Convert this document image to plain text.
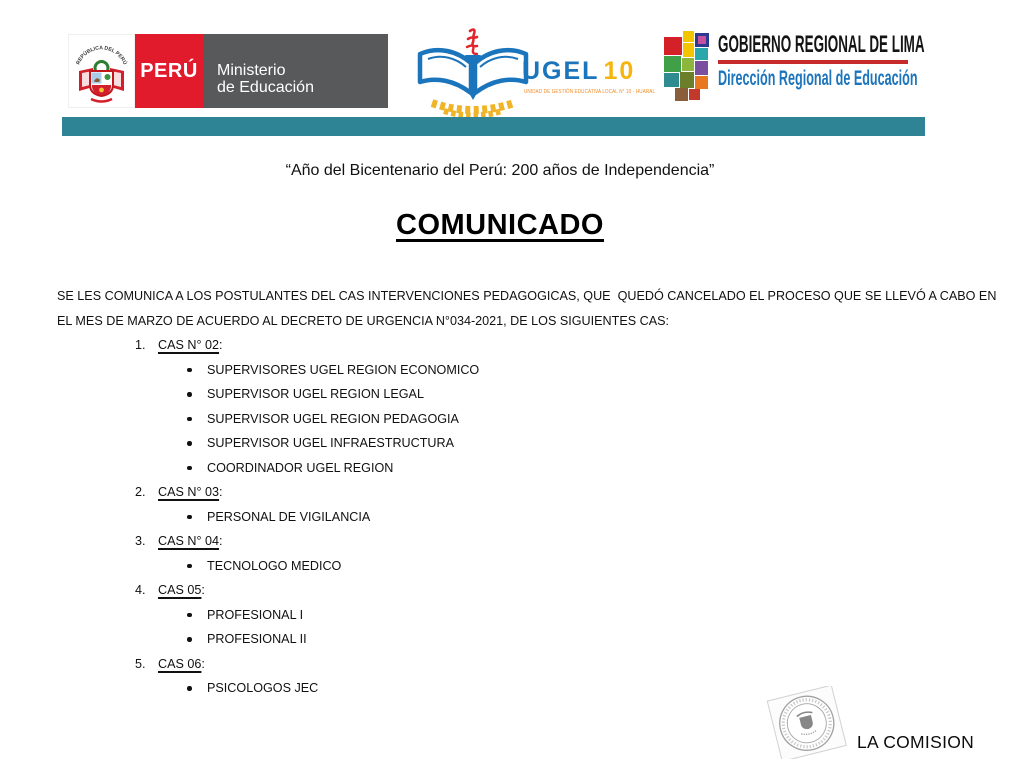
REPÚBLICA DEL PERÚ PERÚ	Ministerio
de Educación
UGEL 10
UNIDAD DE GESTIÓN EDUCATIVA LOCAL N° 10 - HUARAL
GOBIERNO REGIONAL DE LIMA
Dirección Regional de Educación
“Año del Bicentenario del Perú: 200 años de Independencia”
COMUNICADO
SE LES COMUNICA A LOS POSTULANTES DEL CAS INTERVENCIONES PEDAGOGICAS, QUE  QUEDÓ CANCELADO EL PROCESO QUE SE LLEVÓ A CABO EN
EL MES DE MARZO DE ACUERDO AL DECRETO DE URGENCIA N°034-2021, DE LOS SIGUIENTES CAS:
1. CAS N° 02:
SUPERVISORES UGEL REGION ECONOMICO
SUPERVISOR UGEL REGION LEGAL
SUPERVISOR UGEL REGION PEDAGOGIA
SUPERVISOR UGEL INFRAESTRUCTURA
COORDINADOR UGEL REGION
2. CAS N° 03:
PERSONAL DE VIGILANCIA
3. CAS N° 04:
TECNOLOGO MEDICO
4. CAS 05:
PROFESIONAL I
PROFESIONAL II
5. CAS 06:
PSICOLOGOS JEC
LA COMISION
